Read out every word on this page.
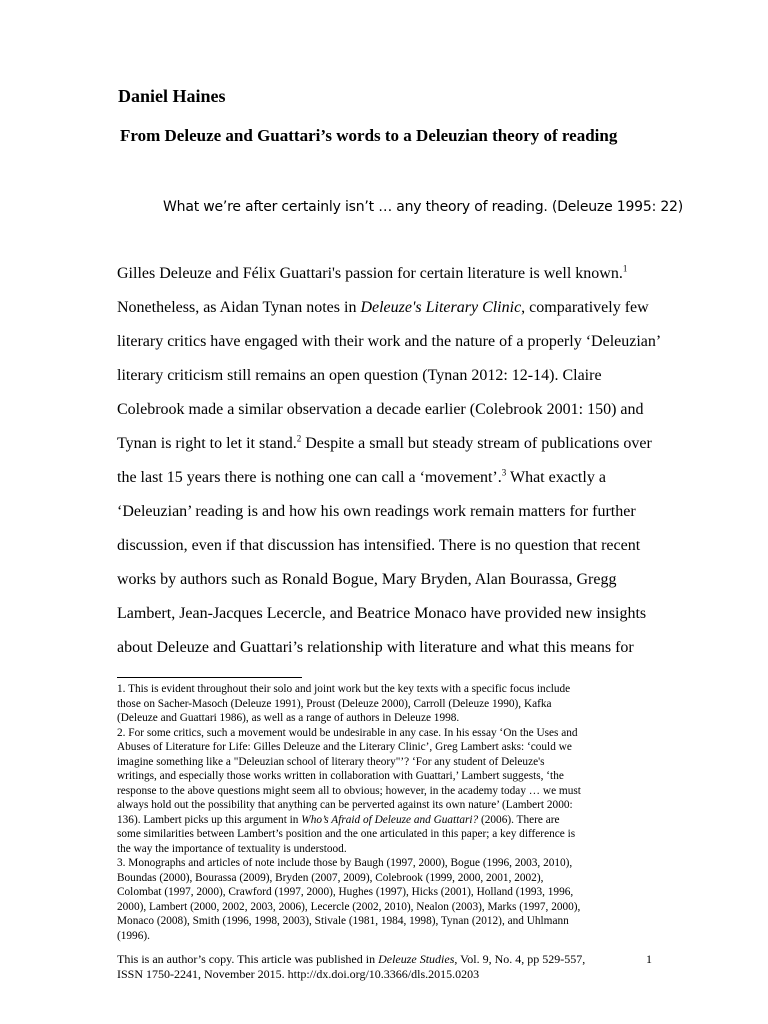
Daniel Haines
From Deleuze and Guattari’s words to a Deleuzian theory of reading
What we’re after certainly isn’t … any theory of reading. (Deleuze 1995: 22)
Gilles Deleuze and Félix Guattari's passion for certain literature is well known.$^1$
Nonetheless, as Aidan Tynan notes in Deleuze's Literary Clinic, comparatively few
literary critics have engaged with their work and the nature of a properly ‘Deleuzian’
literary criticism still remains an open question (Tynan 2012: 12-14). Claire
Colebrook made a similar observation a decade earlier (Colebrook 2001: 150) and
Tynan is right to let it stand.$^2$ Despite a small but steady stream of publications over
the last 15 years there is nothing one can call a ‘movement’.$^3$ What exactly a
‘Deleuzian’ reading is and how his own readings work remain matters for further
discussion, even if that discussion has intensified. There is no question that recent
works by authors such as Ronald Bogue, Mary Bryden, Alan Bourassa, Gregg
Lambert, Jean-Jacques Lecercle, and Beatrice Monaco have provided new insights
about Deleuze and Guattari’s relationship with literature and what this means for
1. This is evident throughout their solo and joint work but the key texts with a specific focus include
those on Sacher-Masoch (Deleuze 1991), Proust (Deleuze 2000), Carroll (Deleuze 1990), Kafka
(Deleuze and Guattari 1986), as well as a range of authors in Deleuze 1998.
2. For some critics, such a movement would be undesirable in any case. In his essay ‘On the Uses and
Abuses of Literature for Life: Gilles Deleuze and the Literary Clinic’, Greg Lambert asks: ‘could we
imagine something like a "Deleuzian school of literary theory"’? ‘For any student of Deleuze's
writings, and especially those works written in collaboration with Guattari,’ Lambert suggests, ‘the
response to the above questions might seem all to obvious; however, in the academy today … we must
always hold out the possibility that anything can be perverted against its own nature’ (Lambert 2000:
136). Lambert picks up this argument in Who’s Afraid of Deleuze and Guattari? (2006). There are
some similarities between Lambert’s position and the one articulated in this paper; a key difference is
the way the importance of textuality is understood.
3. Monographs and articles of note include those by Baugh (1997, 2000), Bogue (1996, 2003, 2010),
Boundas (2000), Bourassa (2009), Bryden (2007, 2009), Colebrook (1999, 2000, 2001, 2002),
Colombat (1997, 2000), Crawford (1997, 2000), Hughes (1997), Hicks (2001), Holland (1993, 1996,
2000), Lambert (2000, 2002, 2003, 2006), Lecercle (2002, 2010), Nealon (2003), Marks (1997, 2000),
Monaco (2008), Smith (1996, 1998, 2003), Stivale (1981, 1984, 1998), Tynan (2012), and Uhlmann
(1996).
This is an author’s copy. This article was published in Deleuze Studies, Vol. 9, No. 4, pp 529-557,
ISSN 1750-2241, November 2015. http://dx.doi.org/10.3366/dls.2015.0203
1
